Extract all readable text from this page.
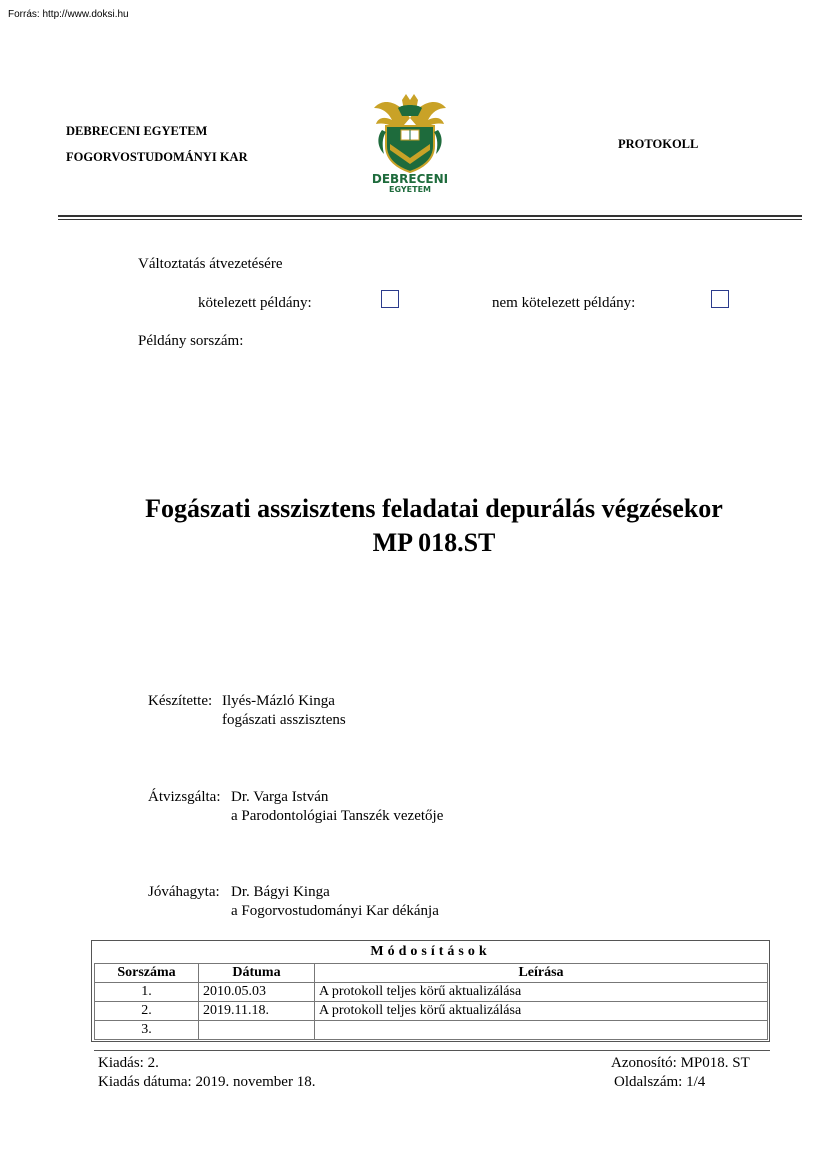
Forrás: http://www.doksi.hu
DEBRECENI EGYETEM
FOGORVOSTUDOMÁNYI KAR
DEBRECENI
EGYETEM
PROTOKOLL
Változtatás átvezetésére
kötelezett példány:	nem kötelezett példány:
Példány sorszám:
Fogászati asszisztens feladatai depurálás végzésekor
MP 018.ST
Készítette: Ilyés-Mázló Kinga
fogászati asszisztens
Átvizsgálta: Dr. Varga István
a Parodontológiai Tanszék vezetője
Jóváhagyta: Dr. Bágyi Kinga
a Fogorvostudományi Kar dékánja
Módosítások
Sorszáma	Dátuma	Leírása
1.	2010.05.03	A protokoll teljes körű aktualizálása
2.	2019.11.18.	A protokoll teljes körű aktualizálása
3.		
Kiadás: 2.
Kiadás dátuma: 2019. november 18.
Azonosító: MP018. ST
Oldalszám: 1/4
